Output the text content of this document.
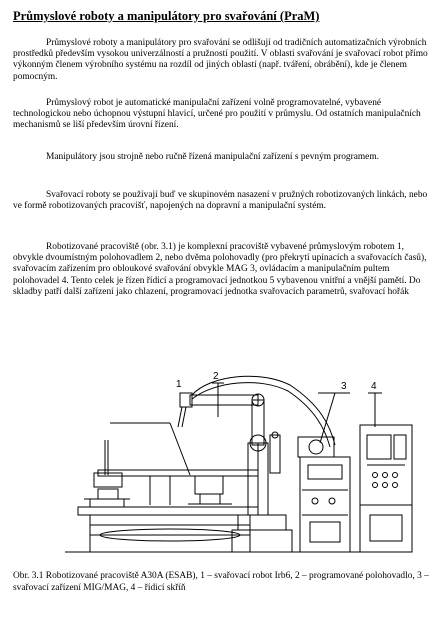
Průmyslové roboty a manipulátory pro svařování (PraM)

Průmyslové roboty a manipulátory pro svařování se odlišují od tradičních automatizačních výrobních prostředků především vysokou univerzálností a pružností použití. V oblasti svařování je svařovací robot přímo výkonným členem výrobního systému na rozdíl od jiných oblastí (např. tváření, obrábění), kde je členem pomocným.

Průmyslový robot je automatické manipulační zařízení volně programovatelné, vybavené technologickou nebo úchopnou výstupní hlavicí, určené pro použití v průmyslu. Od ostatních manipulačních mechanismů se liší především úrovní řízení.

Manipulátory jsou strojně nebo ručně řízená manipulační zařízení s pevným programem.

Svařovací roboty se používají buď ve skupinovém nasazení v pružných robotizovaných linkách, nebo ve formě robotizovaných pracovišť, napojených na dopravní a manipulační systém.

Robotizované pracoviště (obr. 3.1) je komplexní pracoviště vybavené průmyslovým robotem 1, obvykle dvoumístným polohovadlem 2, nebo dvěma polohovadly (pro překrytí upínacích a svařovacích časů), svařovacím zařízením pro obloukové svařování obvykle MAG 3, ovládacím a manipulačním pultem polohovadel 4. Tento celek je řízen řídicí a programovací jednotkou 5 vybavenou vnitřní a vnější pamětí. Do skladby patří další zařízení jako chlazení, programovací jednotka svařovacích parametrů, svařovací hořák

1
2
3 4

Obr. 3.1 Robotizované pracoviště A30A (ESAB), 1 – svařovací robot Irb6, 2 – programované polohovadlo, 3 – svařovací zařízení MIG/MAG, 4 – řídicí skříň
